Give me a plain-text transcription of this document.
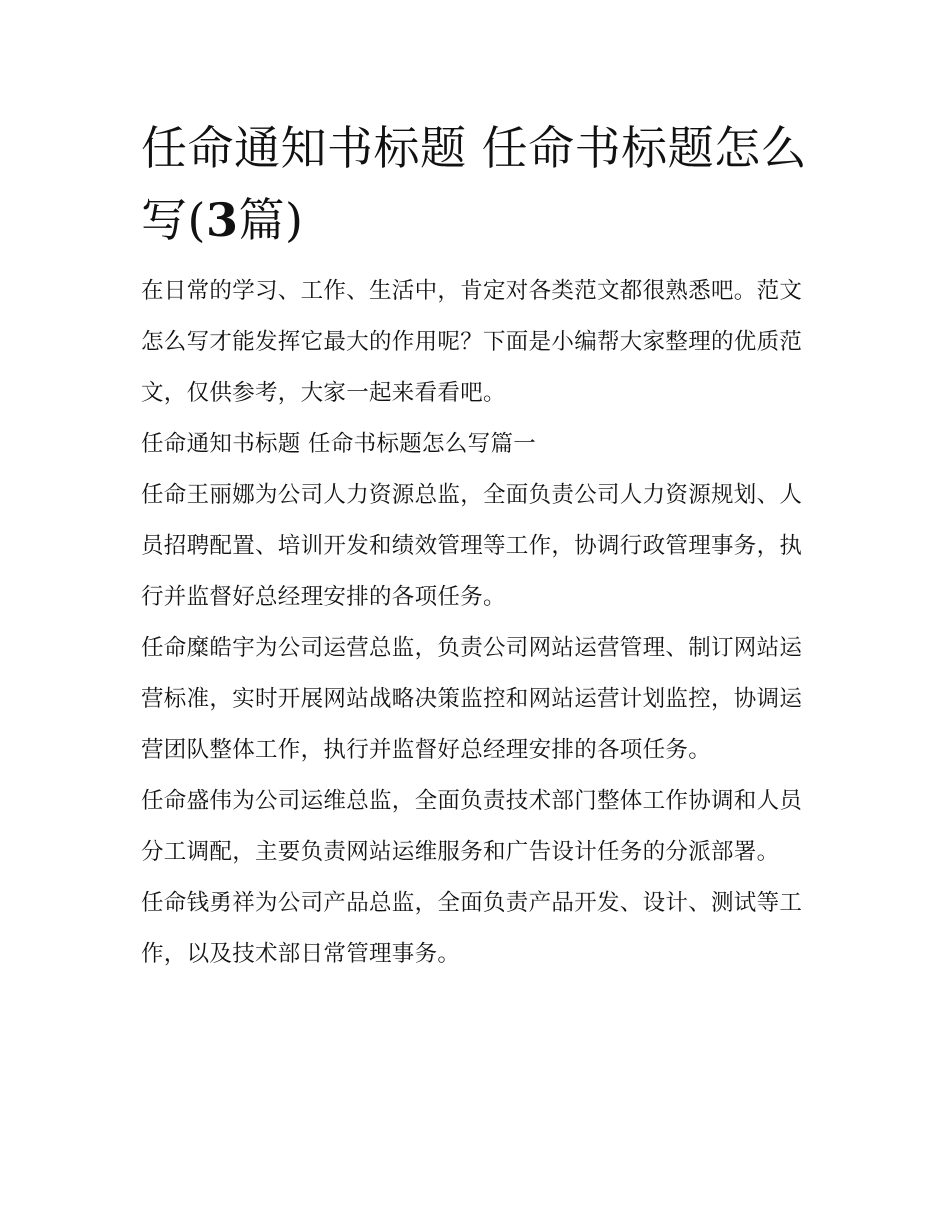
任命通知书标题 任命书标题怎么写(3篇)

在日常的学习、工作、生活中，肯定对各类范文都很熟悉吧。范文怎么写才能发挥它最大的作用呢？下面是小编帮大家整理的优质范文，仅供参考，大家一起来看看吧。

任命通知书标题 任命书标题怎么写篇一

任命王丽娜为公司人力资源总监，全面负责公司人力资源规划、人员招聘配置、培训开发和绩效管理等工作，协调行政管理事务，执行并监督好总经理安排的各项任务。

任命糜皓宇为公司运营总监，负责公司网站运营管理、制订网站运营标准，实时开展网站战略决策监控和网站运营计划监控，协调运营团队整体工作，执行并监督好总经理安排的各项任务。

任命盛伟为公司运维总监，全面负责技术部门整体工作协调和人员分工调配，主要负责网站运维服务和广告设计任务的分派部署。

任命钱勇祥为公司产品总监，全面负责产品开发、设计、测试等工作，以及技术部日常管理事务。
